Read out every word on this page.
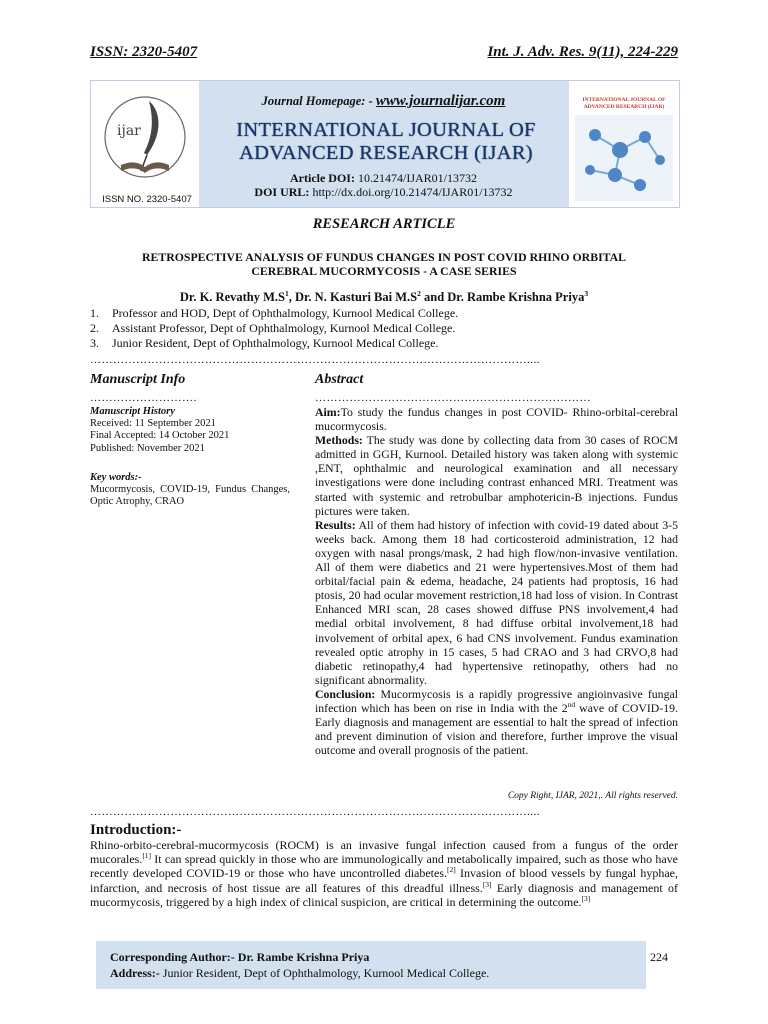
ISSN: 2320-5407	Int. J. Adv. Res. 9(11), 224-229
ijar
ISSN NO. 2320-5407
Journal Homepage: - www.journalijar.com
INTERNATIONAL JOURNAL OF
ADVANCED RESEARCH (IJAR)
Article DOI: 10.21474/IJAR01/13732
DOI URL: http://dx.doi.org/10.21474/IJAR01/13732
INTERNATIONAL JOURNAL OF ADVANCED RESEARCH (IJAR)
RESEARCH ARTICLE
RETROSPECTIVE ANALYSIS OF FUNDUS CHANGES IN POST COVID RHINO ORBITAL
CEREBRAL MUCORMYCOSIS - A CASE SERIES
Dr. K. Revathy $M.S^1$, Dr. N. Kasturi Bai $M.S^2$ and Dr. Rambe Krishna Priya$^3$
1.	Professor and HOD, Dept of Ophthalmology, Kurnool Medical College.
2.	Assistant Professor, Dept of Ophthalmology, Kurnool Medical College.
3.	Junior Resident, Dept of Ophthalmology, Kurnool Medical College.
……………………………………………………………………………………………………....
Manuscript Info	Abstract
……………………….	………………………………………………………………
Manuscript History
Received: 11 September 2021
Final Accepted: 14 October 2021
Published: November 2021
Key words:-
Mucormycosis, COVID-19, Fundus Changes, Optic Atrophy, CRAO

Aim:To study the fundus changes in post COVID- Rhino-orbital-cerebral mucormycosis.

Methods: The study was done by collecting data from 30 cases of ROCM admitted in GGH, Kurnool. Detailed history was taken along with systemic ,ENT, ophthalmic and neurological examination and all necessary investigations were done including contrast enhanced MRI. Treatment was started with systemic and retrobulbar amphotericin-B injections. Fundus pictures were taken.

Results: All of them had history of infection with covid-19 dated about 3-5 weeks back. Among them 18 had corticosteroid administration, 12 had oxygen with nasal prongs/mask, 2 had high flow/non-invasive ventilation. All of them were diabetics and 21 were hypertensives.Most of them had orbital/facial pain & edema, headache, 24 patients had proptosis, 16 had ptosis, 20 had ocular movement restriction,18 had loss of vision. In Contrast Enhanced MRI scan, 28 cases showed diffuse PNS involvement,4 had medial orbital involvement, 8 had diffuse orbital involvement,18 had involvement of orbital apex, 6 had CNS involvement. Fundus examination revealed optic atrophy in 15 cases, 5 had CRAO and 3 had CRVO,8 had diabetic retinopathy,4 had hypertensive retinopathy, others had no significant abnormality.

Conclusion: Mucormycosis is a rapidly progressive angioinvasive fungal infection which has been on rise in India with the 2nd wave of COVID-19. Early diagnosis and management are essential to halt the spread of infection and prevent diminution of vision and therefore, further improve the visual outcome and overall prognosis of the patient.

Copy Right, IJAR, 2021,. All rights reserved.
……………………………………………………………………………………………………....
Introduction:-
Rhino-orbito-cerebral-mucormycosis (ROCM) is an invasive fungal infection caused from a fungus of the order mucorales.[1] It can spread quickly in those who are immunologically and metabolically impaired, such as those who have recently developed COVID-19 or those who have uncontrolled diabetes.[2] Invasion of blood vessels by fungal hyphae, infarction, and necrosis of host tissue are all features of this dreadful illness.[3] Early diagnosis and management of mucormycosis, triggered by a high index of clinical suspicion, are critical in determining the outcome.[3]
Corresponding Author:- Dr. Rambe Krishna Priya
Address:- Junior Resident, Dept of Ophthalmology, Kurnool Medical College.
224
